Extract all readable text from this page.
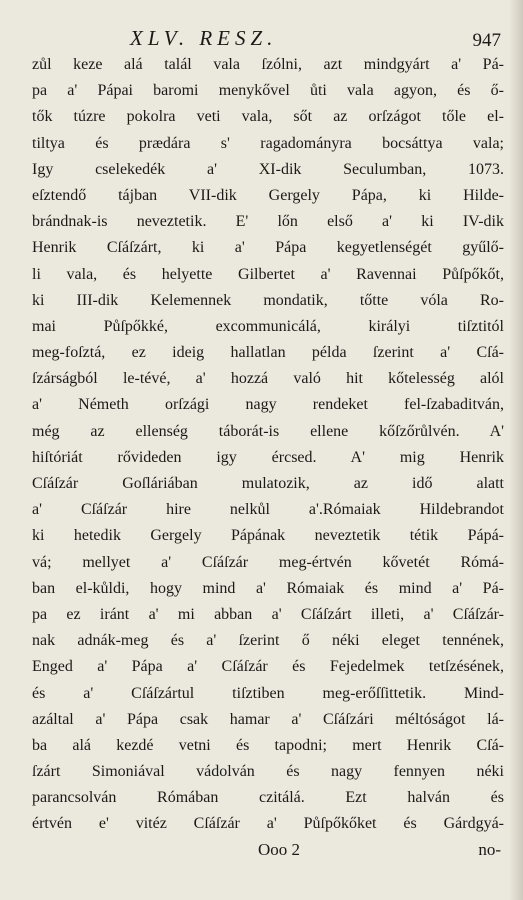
XLV. RESZ.	947
zůl keze alá talál vala ſzólni, azt mindgyárt a' Pá-
pa a' Pápai baromi menykővel ůti vala agyon, és ő-
tők túzre pokolra veti vala, sőt az orſzágot tőle el-
tiltya és prædára s' ragadományra bocsáttya vala;
Igy cselekedék a' XI-dik Seculumban, 1073.
eſztendő tájban VII-dik Gergely Pápa, ki Hilde-
brándnak-is neveztetik. E' lőn első a' ki IV-dik
Henrik Cſáſzárt, ki a' Pápa kegyetlenségét gyűlő-
li vala, és helyette Gilbertet a' Ravennai Půſpőkőt,
ki III-dik Kelemennek mondatik, tőtte vóla Ro-
mai Půſpőkké, excommunicálá, királyi tiſztitól
meg-foſztá, ez ideig hallatlan példa ſzerint a' Cſá-
ſzárságból le-tévé, a' hozzá való hit kőtelesség alól
a' Németh orſzági nagy rendeket fel-ſzabaditván,
még az ellenség táborát-is ellene kőſzőrůlvén. A'
hiſtóriát rővideden igy ércsed. A' mig Henrik
Cſáſzár Goſláriában mulatozik, az idő alatt
a' Cſáſzár hire nelkůl a'.Rómaiak Hildebrandot
ki hetedik Gergely Pápának neveztetik tétik Pápá-
vá; mellyet a' Cſáſzár meg-értvén kővetét Rómá-
ban el-kůldi, hogy mind a' Rómaiak és mind a' Pá-
pa ez iránt a' mi abban a' Cſáſzárt illeti, a' Cſáſzár-
nak adnák-meg és a' ſzerint ő néki eleget tennének,
Enged a' Pápa a' Cſáſzár és Fejedelmek tetſzésének,
és a' Cſáſzártul tiſztiben meg-erőſſittetik. Mind-
azáltal a' Pápa csak hamar a' Cſáſzári méltóságot lá-
ba alá kezdé vetni és tapodni; mert Henrik Cſá-
ſzárt Simoniával vádolván és nagy fennyen néki
parancsolván Rómában czitálá. Ezt halván és
értvén e' vitéz Cſáſzár a' Půſpőkőket és Gárdgyá-
Ooo 2	no-
